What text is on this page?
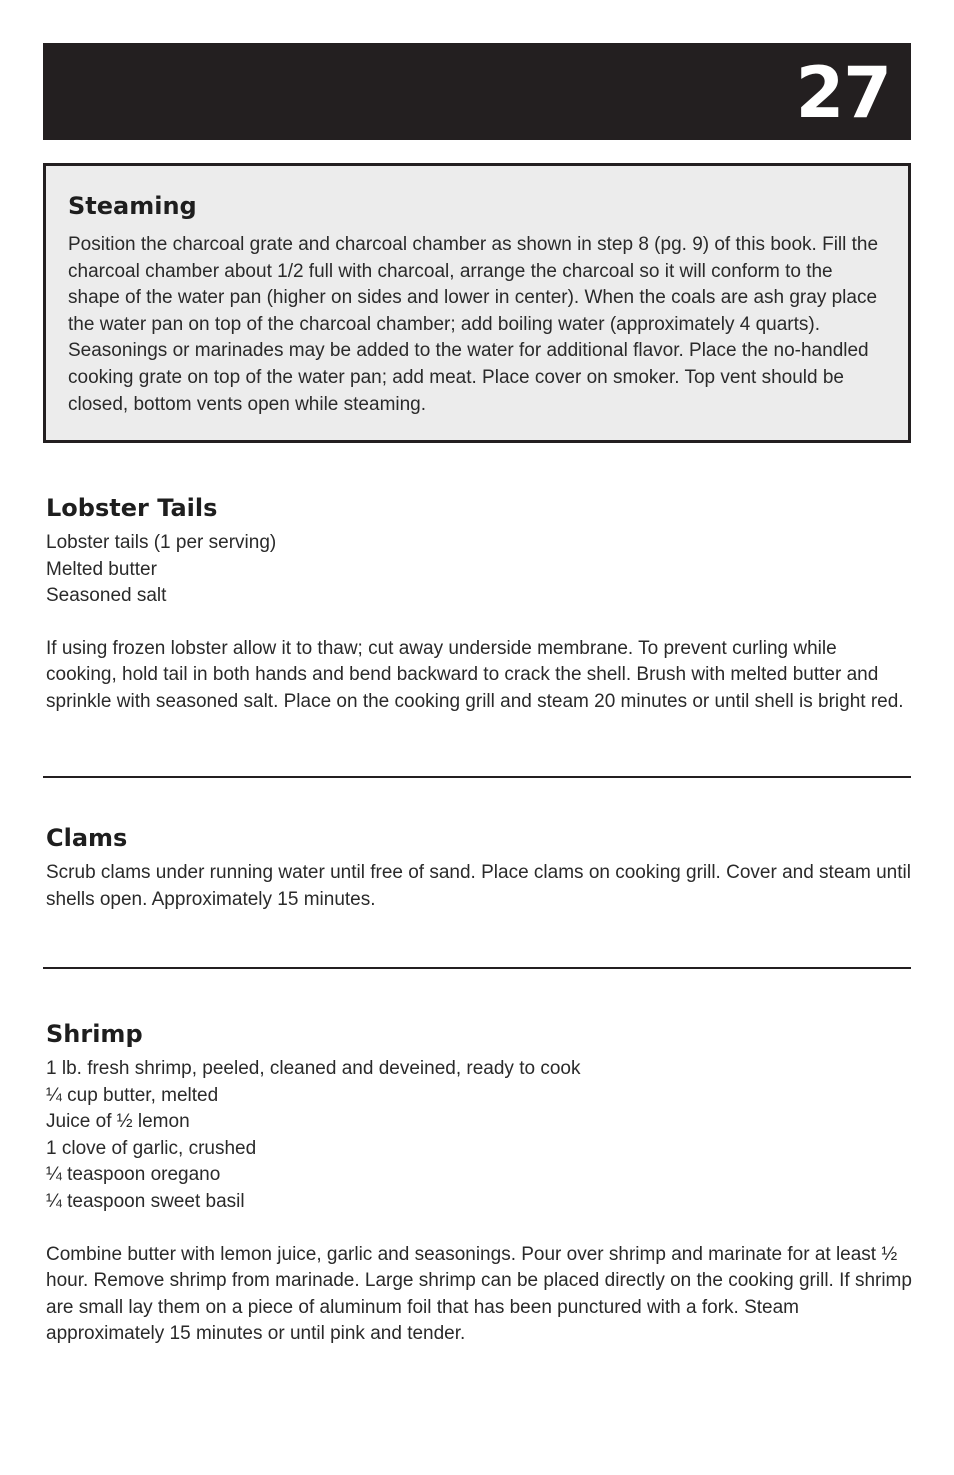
27
Steaming

Position the charcoal grate and charcoal chamber as shown in step 8 (pg. 9) of this book. Fill the charcoal chamber about 1/2 full with charcoal, arrange the charcoal so it will conform to the shape of the water pan (higher on sides and lower in center). When the coals are ash gray place the water pan on top of the charcoal chamber; add boiling water (approximately 4 quarts). Seasonings or marinades may be added to the water for additional flavor. Place the no-handled cooking grate on top of the water pan; add meat. Place cover on smoker. Top vent should be closed, bottom vents open while steaming.

Lobster Tails
Lobster tails (1 per serving)
Melted butter
Seasoned salt

If using frozen lobster allow it to thaw; cut away underside membrane. To prevent curling while cooking, hold tail in both hands and bend backward to crack the shell. Brush with melted butter and sprinkle with seasoned salt. Place on the cooking grill and steam 20 minutes or until shell is bright red.

Clams

Scrub clams under running water until free of sand. Place clams on cooking grill. Cover and steam until shells open. Approximately 15 minutes.

Shrimp
1 lb. fresh shrimp, peeled, cleaned and deveined, ready to cook
¼ cup butter, melted
Juice of ½ lemon
1 clove of garlic, crushed
¼ teaspoon oregano
¼ teaspoon sweet basil

Combine butter with lemon juice, garlic and seasonings. Pour over shrimp and marinate for at least ½ hour. Remove shrimp from marinade. Large shrimp can be placed directly on the cooking grill. If shrimp are small lay them on a piece of aluminum foil that has been punctured with a fork. Steam approximately 15 minutes or until pink and tender.
